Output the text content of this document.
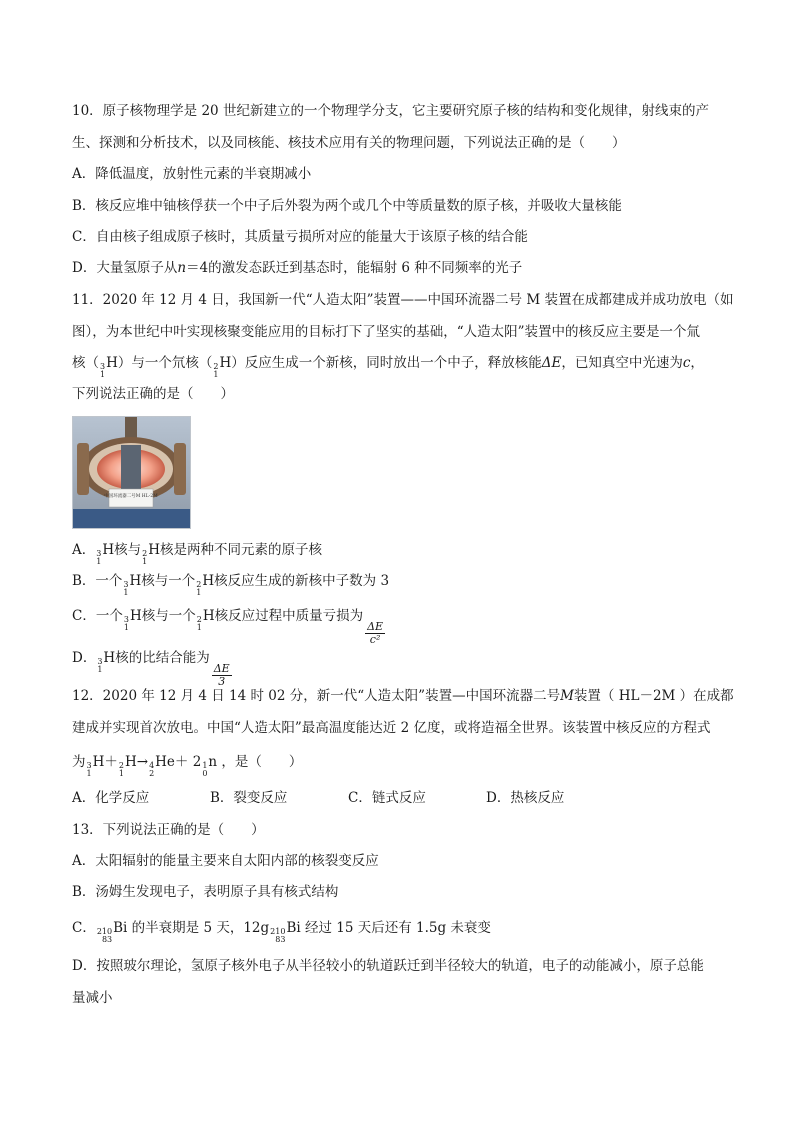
10．原子核物理学是 20 世纪新建立的一个物理学分支，它主要研究原子核的结构和变化规律，射线束的产
生、探测和分析技术，以及同核能、核技术应用有关的物理问题，下列说法正确的是（　　）
A．降低温度，放射性元素的半衰期减小
B．核反应堆中铀核俘获一个中子后外裂为两个或几个中等质量数的原子核，并吸收大量核能
C．自由核子组成原子核时，其质量亏损所对应的能量大于该原子核的结合能
D．大量氢原子从n＝4的激发态跃迁到基态时，能辐射 6 种不同频率的光子
11．2020 年 12 月 4 日，我国新一代“人造太阳”装置——中国环流器二号 M 装置在成都建成并成功放电（如
图），为本世纪中叶实现核聚变能应用的目标打下了坚实的基础，“人造太阳”装置中的核反应主要是一个氚
核（ 3
1
H）与一个氘核（ 2
1
H）反应生成一个新核，同时放出一个中子，释放核能ΔE，已知真空中光速为c，
下列说法正确的是（　　）
中国环流器二号M HL-2M
A． 3
1
H核与 2
1
H核是两种不同元素的原子核
B．一个 3
1
H核与一个 2
1
H核反应生成的新核中子数为 3
C．一个 3
1
H核与一个 2
1
H核反应过程中质量亏损为
$\frac{\Delta E}{\text{c²}}$
D． 3
1
H核的比结合能为
$\frac{\Delta E}{3}$
12．2020 年 12 月 4 日 14 时 02 分，新一代“人造太阳”装置—中国环流器二号M装置（ HL－2M ）在成都
建成并实现首次放电。中国“人造太阳”最高温度能达近 2 亿度，或将造福全世界。该装置中核反应的方程式
为 3
1
H＋ 2
1
H→ 4
2
He＋ 2 1
0
n ，是（　　）
A．化学反应	B．裂变反应	C．链式反应	D．热核反应
13．下列说法正确的是（　　）
A．太阳辐射的能量主要来自太阳内部的核裂变反应
B．汤姆生发现电子，表明原子具有核式结构
C． 210
83
Bi 的半衰期是 5 天，12g 210
83
Bi 经过 15 天后还有 1.5g 未衰变
D．按照玻尔理论，氢原子核外电子从半径较小的轨道跃迁到半径较大的轨道，电子的动能减小，原子总能
量减小
